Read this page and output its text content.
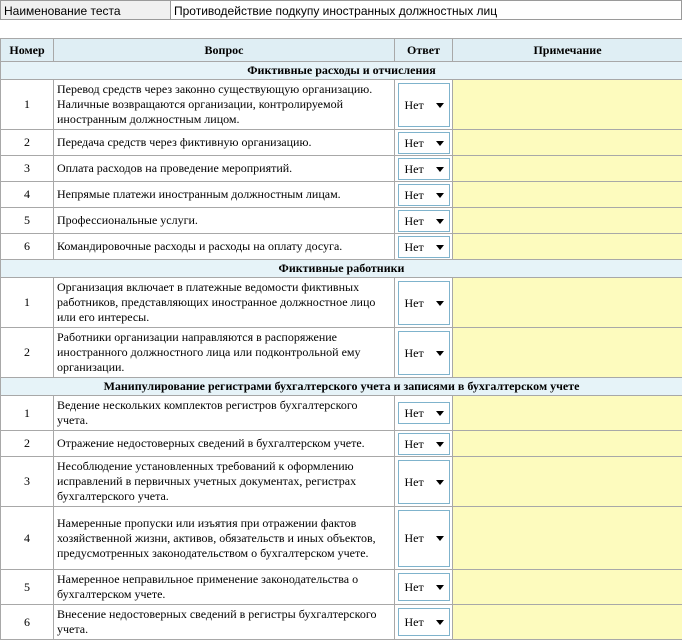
Наименование теста	Противодействие подкупу иностранных должностных лиц
Номер	Вопрос	Ответ	Примечание
Фиктивные расходы и отчисления			
1	Перевод средств через законно существующую организацию. Наличные возвращаются организации, контролируемой иностранным должностным лицом.	Нет

2	Передача средств через фиктивную организацию.	Нет

3	Оплата расходов на проведение мероприятий.	Нет

4	Непрямые платежи иностранным должностным лицам.	Нет

5	Профессиональные услуги.	Нет

6	Командировочные расходы и расходы на оплату досуга.	Нет

Фиктивные работники			
1	Организация включает в платежные ведомости фиктивных работников, представляющих иностранное должностное лицо или его интересы.	Нет

2	Работники организации направляются в распоряжение иностранного должностного лица или подконтрольной ему организации.	Нет

Манипулирование регистрами бухгалтерского учета и записями в бухгалтерском учете			
1	Ведение нескольких комплектов регистров бухгалтерского учета.	Нет

2	Отражение недостоверных сведений в бухгалтерском учете.	Нет

3	Несоблюдение установленных требований к оформлению исправлений в первичных учетных документах, регистрах бухгалтерского учета.	Нет

4	Намеренные пропуски или изъятия при отражении фактов хозяйственной жизни, активов, обязательств и иных объектов, предусмотренных законодательством о бухгалтерском учете.	Нет

5	Намеренное неправильное применение законодательства о бухгалтерском учете.	Нет

6	Внесение недостоверных сведений в регистры бухгалтерского учета.	Нет
